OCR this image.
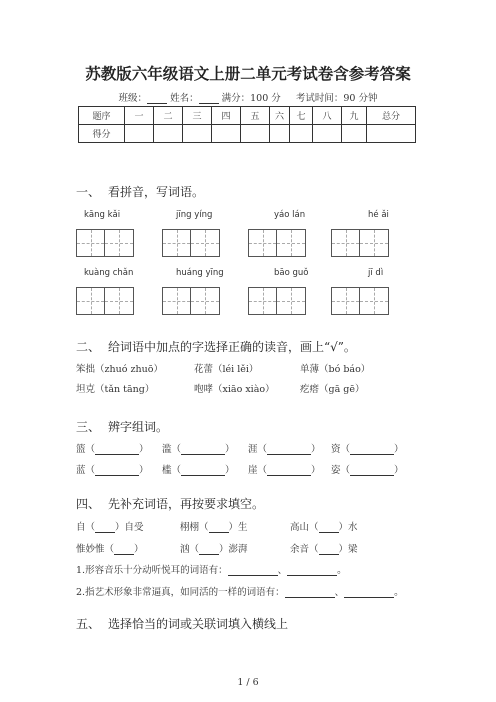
苏教版六年级语文上册二单元考试卷含参考答案
班级： 姓名： 满分：100 分 考试时间：90 分钟
题序	一	二	三	四	五	六	七	八	九	总分
得分										
一、 看拼音，写词语。
kāng kǎi	jīng yíng	yáo lán	hé ǎi
kuàng chǎn	huáng yīng	bāo guǒ	jī dì
二、 给词语中加点的字选择正确的读音，画上“√”。
笨拙（zhuó zhuō）	花蕾（léi lěi）	单薄（bó báo）
坦克（tǎn tāng）	咆哮（xiāo xiào）	疙瘩（gā gē）
三、 辨字组词。
篮（	） 滥（	） 涯（	） 资（	）
蓝（	） 槛（	） 崖（	） 姿（	）
四、 先补充词语，再按要求填空。
自（ ）自受	栩栩（ ）生	高山（ ）水
惟妙惟（ ）	汹（ ）澎湃	余音（ ）梁
1.形容音乐十分动听悦耳的词语有：	、	。
2.指艺术形象非常逼真，如同活的一样的词语有：	、	。
五、 选择恰当的词或关联词填入横线上
1 / 6
